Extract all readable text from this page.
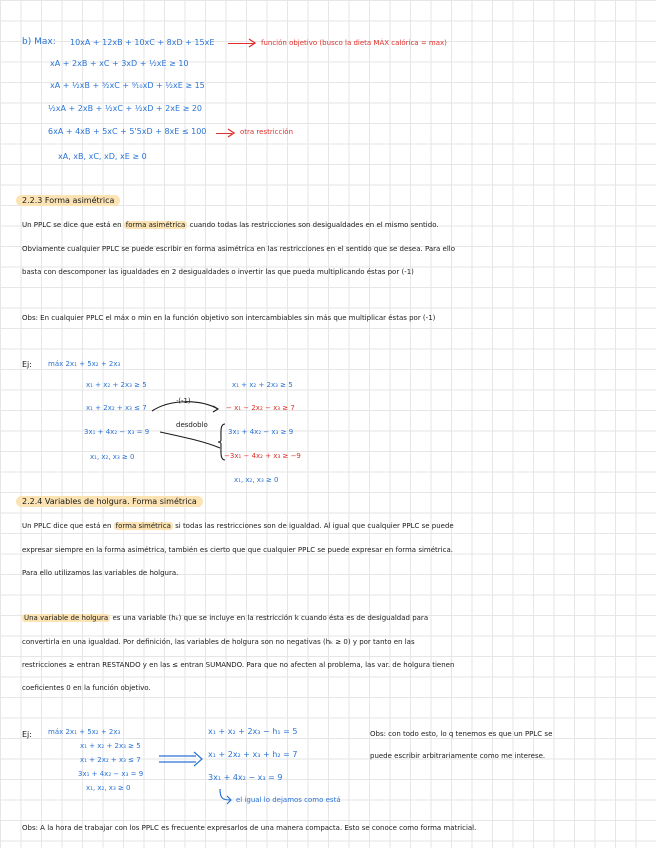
b) Max: 10xA + 12xB + 10xC + 8xD + 15xE	función objetivo (busco la dieta MÁX calórica = max)
xA + 2xB + xC + 3xD + ½xE ≥ 10
xA + ½xB + ³⁄₂xC + ⁹⁄₁₀xD + ½xE ≥ 15
½xA + 2xB + ½xC + ½xD + 2xE ≥ 20
6xA + 4xB + 5xC + 5'5xD + 8xE ≤ 100	otra restricción
xA, xB, xC, xD, xE ≥ 0
2.2.3 Forma asimétrica
Un PPLC se dice que está en forma asimétrica cuando todas las restricciones son desigualdades en el mismo sentido.
Obviamente cualquier PPLC se puede escribir en forma asimétrica en las restricciones en el sentido que se desea. Para ello
basta con descomponer las igualdades en 2 desigualdades o invertir las que pueda multiplicando éstas por (-1)
Obs: En cualquier PPLC el máx o min en la función objetivo son intercambiables sin más que multiplicar éstas por (-1)
Ej: máx 2x₁ + 5x₂ + 2x₃
x₁ + x₂ + 2x₃ ≥ 5
x₁ + 2x₂ + x₃ ≤ 7
3x₁ + 4x₂ − x₃ = 9
x₁, x₂, x₃ ≥ 0
·(-1)
desdoblo
x₁ + x₂ + 2x₃ ≥ 5
− x₁ − 2x₂ − x₃ ≥ 7
3x₁ + 4x₂ − x₃ ≥ 9
−3x₁ − 4x₂ + x₃ ≥ −9
x₁, x₂, x₃ ≥ 0
2.2.4 Variables de holgura. Forma simétrica
Un PPLC dice que está en forma simétrica si todas las restricciones son de igualdad. Al igual que cualquier PPLC se puede
expresar siempre en la forma asimétrica, también es cierto que que cualquier PPLC se puede expresar en forma simétrica.
Para ello utilizamos las variables de holgura.
Una variable de holgura es una variable (hₖ) que se incluye en la restricción k cuando ésta es de desigualdad para
convertirla en una igualdad. Por definición, las variables de holgura son no negativas (hₖ ≥ 0) y por tanto en las
restricciones ≥ entran RESTANDO y en las ≤ entran SUMANDO. Para que no afecten al problema, las var. de holgura tienen
coeficientes 0 en la función objetivo.
Ej: máx 2x₁ + 5x₂ + 2x₃
x₁ + x₂ + 2x₃ ≥ 5
x₁ + 2x₂ + x₃ ≤ 7
3x₁ + 4x₂ − x₃ = 9
x₁, x₂, x₃ ≥ 0
x₁ + x₂ + 2x₃ − h₁ = 5
x₁ + 2x₂ + x₃ + h₂ = 7
3x₁ + 4x₂ − x₃ = 9
el igual lo dejamos como está
Obs: con todo esto, lo q tenemos es que un PPLC se
puede escribir arbitrariamente como me interese.
Obs: A la hora de trabajar con los PPLC es frecuente expresarlos de una manera compacta. Esto se conoce como forma matricial.
